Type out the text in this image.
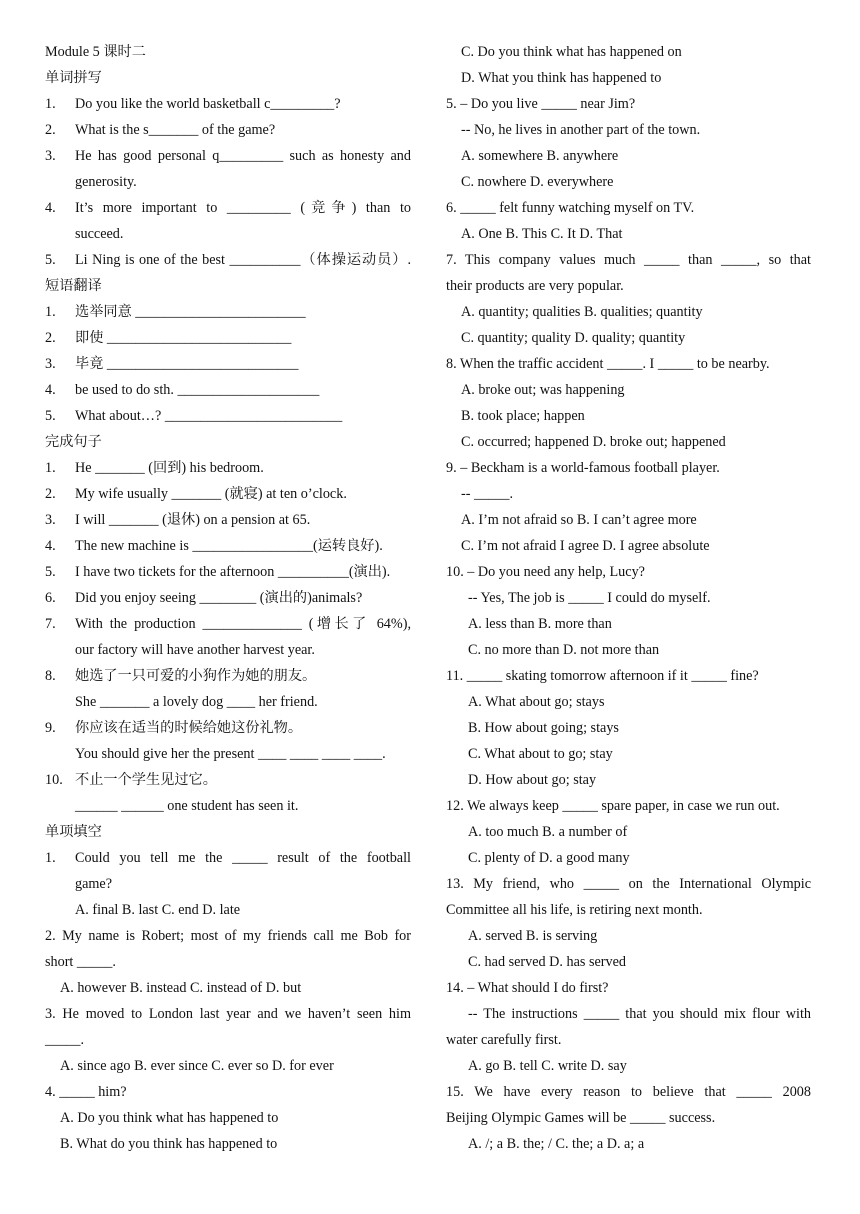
Module 5 课时二
单词拼写
1. Do you like the world basketball c_________?
2. What is the s_______ of the game?
3. He has good personal q_________ such as honesty and
generosity.
4. It’s more important to _________ (竞争) than to
succeed.
5. Li Ning is one of the best __________（体操运动员）.
短语翻译
1. 选举同意 ________________________
2. 即使 __________________________
3. 毕竟 ___________________________
4. be used to do sth. ____________________
5. What about…? _________________________
完成句子
1. He _______ (回到) his bedroom.
2. My wife usually _______ (就寝) at ten o’clock.
3. I will _______ (退休) on a pension at 65.
4. The new machine is _________________(运转良好).
5. I have two tickets for the afternoon __________(演出).
6. Did you enjoy seeing ________ (演出的)animals?
7. With the production ______________ (增长了 64%),
our factory will have another harvest year.
8. 她选了一只可爱的小狗作为她的朋友。
She _______ a lovely dog ____ her friend.
9. 你应该在适当的时候给她这份礼物。
You should give her the present ____ ____ ____ ____.
10. 不止一个学生见过它。
______ ______ one student has seen it.
单项填空
1. Could you tell me the _____ result of the football
game?
A. final B. last C. end D. late
2. My name is Robert; most of my friends call me Bob for
short _____.
A. however B. instead C. instead of D. but
3. He moved to London last year and we haven’t seen him
_____.
A. since ago B. ever since C. ever so D. for ever
4. _____ him?
A. Do you think what has happened to
B. What do you think has happened to
C. Do you think what has happened on
D. What you think has happened to
5. – Do you live _____ near Jim?
-- No, he lives in another part of the town.
A. somewhere B. anywhere
C. nowhere D. everywhere
6. _____ felt funny watching myself on TV.
A. One B. This C. It D. That
7. This company values much _____ than _____, so that
their products are very popular.
A. quantity; qualities B. qualities; quantity
C. quantity; quality D. quality; quantity
8. When the traffic accident _____. I _____ to be nearby.
A. broke out; was happening
B. took place; happen
C. occurred; happened D. broke out; happened
9. – Beckham is a world-famous football player.
-- _____.
A. I’m not afraid so B. I can’t agree more
C. I’m not afraid I agree D. I agree absolute
10. – Do you need any help, Lucy?
-- Yes, The job is _____ I could do myself.
A. less than B. more than
C. no more than D. not more than
11. _____ skating tomorrow afternoon if it _____ fine?
A. What about go; stays
B. How about going; stays
C. What about to go; stay
D. How about go; stay
12. We always keep _____ spare paper, in case we run out.
A. too much B. a number of
C. plenty of D. a good many
13. My friend, who _____ on the International Olympic
Committee all his life, is retiring next month.
A. served B. is serving
C. had served D. has served
14. – What should I do first?
-- The instructions _____ that you should mix flour with
water carefully first.
A. go B. tell C. write D. say
15. We have every reason to believe that _____ 2008
Beijing Olympic Games will be _____ success.
A. /; a B. the; / C. the; a D. a; a
